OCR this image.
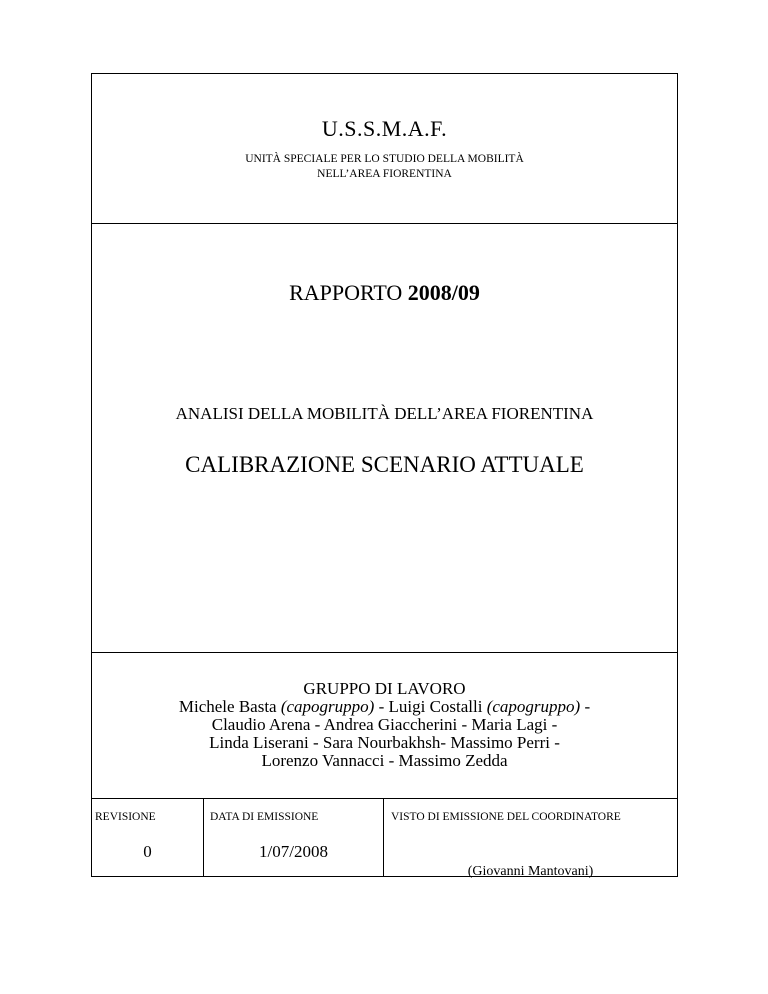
U.S.S.M.A.F.
UNITÀ SPECIALE PER LO STUDIO DELLA MOBILITÀ
NELL’AREA FIORENTINA
RAPPORTO 2008/09
ANALISI DELLA MOBILITÀ DELL’AREA FIORENTINA
CALIBRAZIONE SCENARIO ATTUALE
GRUPPO DI LAVORO
Michele Basta (capogruppo) - Luigi Costalli (capogruppo) -
Claudio Arena - Andrea Giaccherini - Maria Lagi -
Linda Liserani - Sara Nourbakhsh- Massimo Perri -
Lorenzo Vannacci - Massimo Zedda
REVISIONE
0
DATA DI EMISSIONE
1/07/2008
VISTO DI EMISSIONE DEL COORDINATORE
(Giovanni Mantovani)
